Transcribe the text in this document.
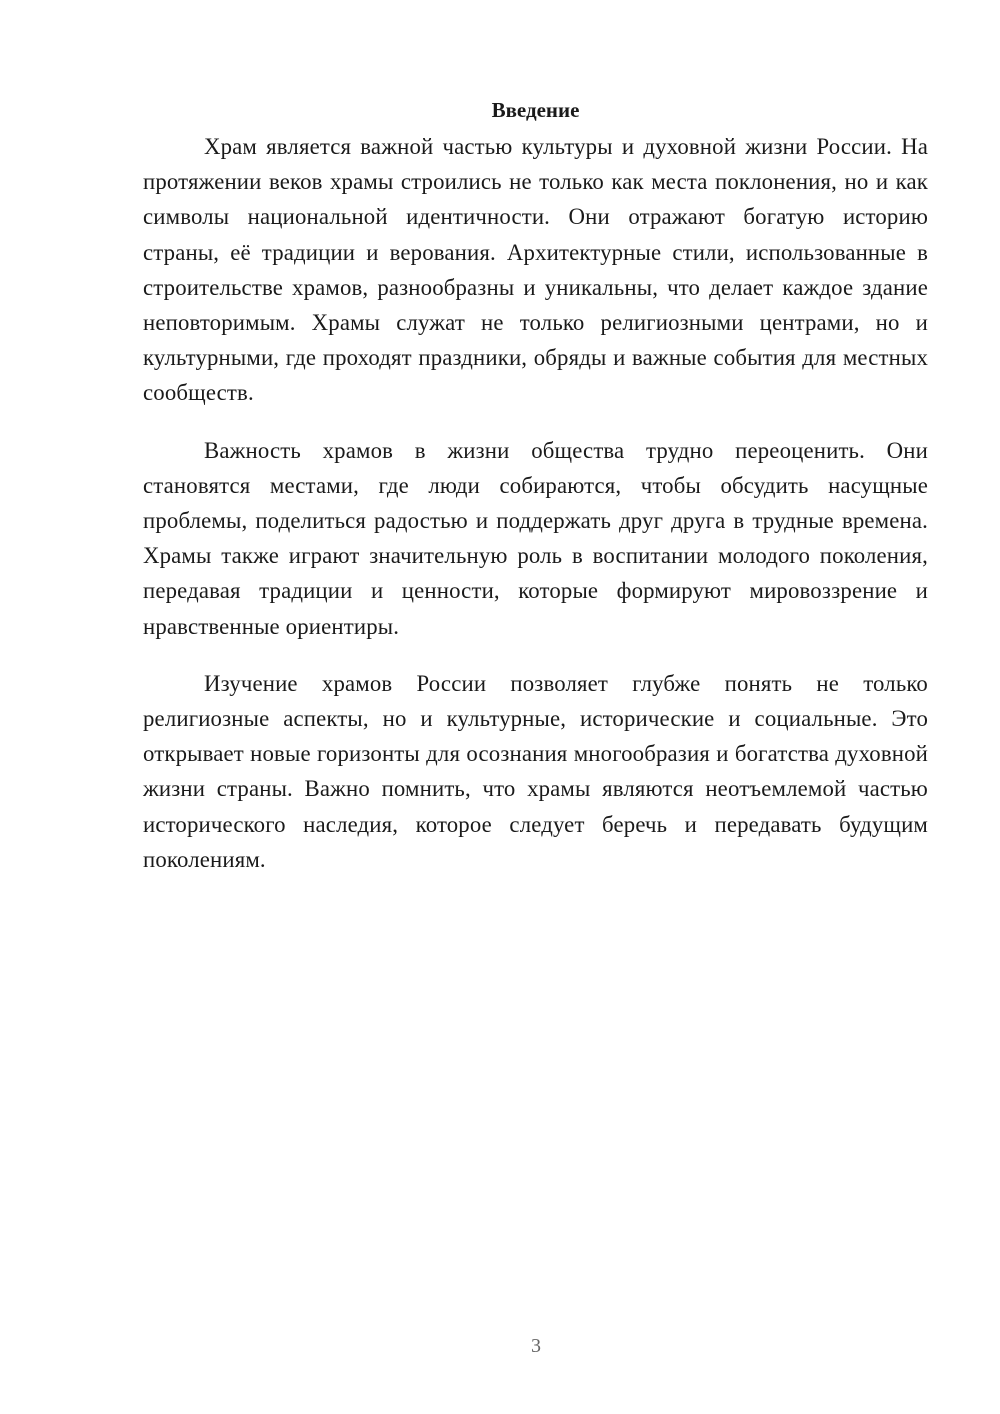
Введение

Храм является важной частью культуры и духовной жизни России. На протяжении веков храмы строились не только как места поклонения, но и как символы национальной идентичности. Они отражают богатую историю страны, её традиции и верования. Архитектурные стили, использованные в строительстве храмов, разнообразны и уникальны, что делает каждое здание неповторимым. Храмы служат не только религиозными центрами, но и культурными, где проходят праздники, обряды и важные события для местных сообществ.

Важность храмов в жизни общества трудно переоценить. Они становятся местами, где люди собираются, чтобы обсудить насущные проблемы, поделиться радостью и поддержать друг друга в трудные времена. Храмы также играют значительную роль в воспитании молодого поколения, передавая традиции и ценности, которые формируют мировоззрение и нравственные ориентиры.

Изучение храмов России позволяет глубже понять не только религиозные аспекты, но и культурные, исторические и социальные. Это открывает новые горизонты для осознания многообразия и богатства духовной жизни страны. Важно помнить, что храмы являются неотъемлемой частью исторического наследия, которое следует беречь и передавать будущим поколениям.

3
